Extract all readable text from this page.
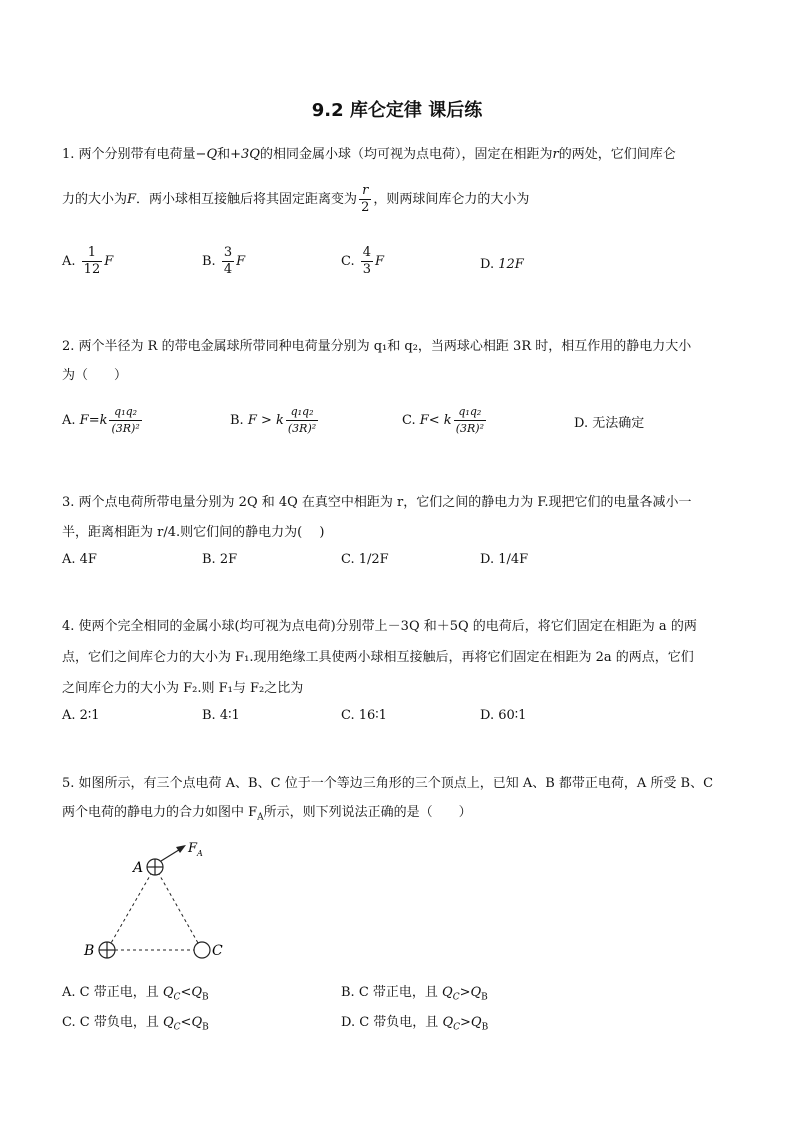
9.2 库仑定律 课后练
1. 两个分别带有电荷量−Q和+3Q的相同金属小球（均可视为点电荷），固定在相距为r的两处，它们间库仑
力的大小为F．两小球相互接触后将其固定距离变为 $\frac{r}{2}$ ，则两球间库仑力的大小为
A. $\frac{1}{12}$ F	B. $\frac{3}{4}$ F	C. $\frac{4}{3}$ F	D. 12F
2. 两个半径为 R 的带电金属球所带同种电荷量分别为 q₁和 q₂，当两球心相距 3R 时，相互作用的静电力大小
为（　　）
A. $F=k \frac{\text{q₁q₂}}{\text{(3R)²}}$	B. F > k $\frac{\text{q₁q₂}}{\text{(3R)²}}$	C. F< k $\frac{\text{q₁q₂}}{\text{(3R)²}}$	D. 无法确定
3. 两个点电荷所带电量分别为 2Q 和 4Q 在真空中相距为 r，它们之间的静电力为 F.现把它们的电量各减小一
半，距离相距为 r/4.则它们间的静电力为(　 )
A. 4F	B. 2F	C. 1/2F	D. 1/4F
4. 使两个完全相同的金属小球(均可视为点电荷)分别带上－3Q 和＋5Q 的电荷后，将它们固定在相距为 a 的两
点，它们之间库仑力的大小为 F₁.现用绝缘工具使两小球相互接触后，再将它们固定在相距为 2a 的两点，它们
之间库仑力的大小为 F₂.则 F₁与 F₂之比为
A. 2∶1	B. 4∶1	C. 16∶1	D. 60∶1
5. 如图所示，有三个点电荷 A、B、C 位于一个等边三角形的三个顶点上，已知 A、B 都带正电荷，A 所受 B、C
两个电荷的静电力的合力如图中 $F_A$所示，则下列说法正确的是（　　）
A
B	C
F A
A. C 带正电，且 $Q_C<Q_B$	B. C 带正电，且 $Q_C>Q_B$
C. C 带负电，且 $Q_C<Q_B$	D. C 带负电，且 $Q_C>Q_B$
